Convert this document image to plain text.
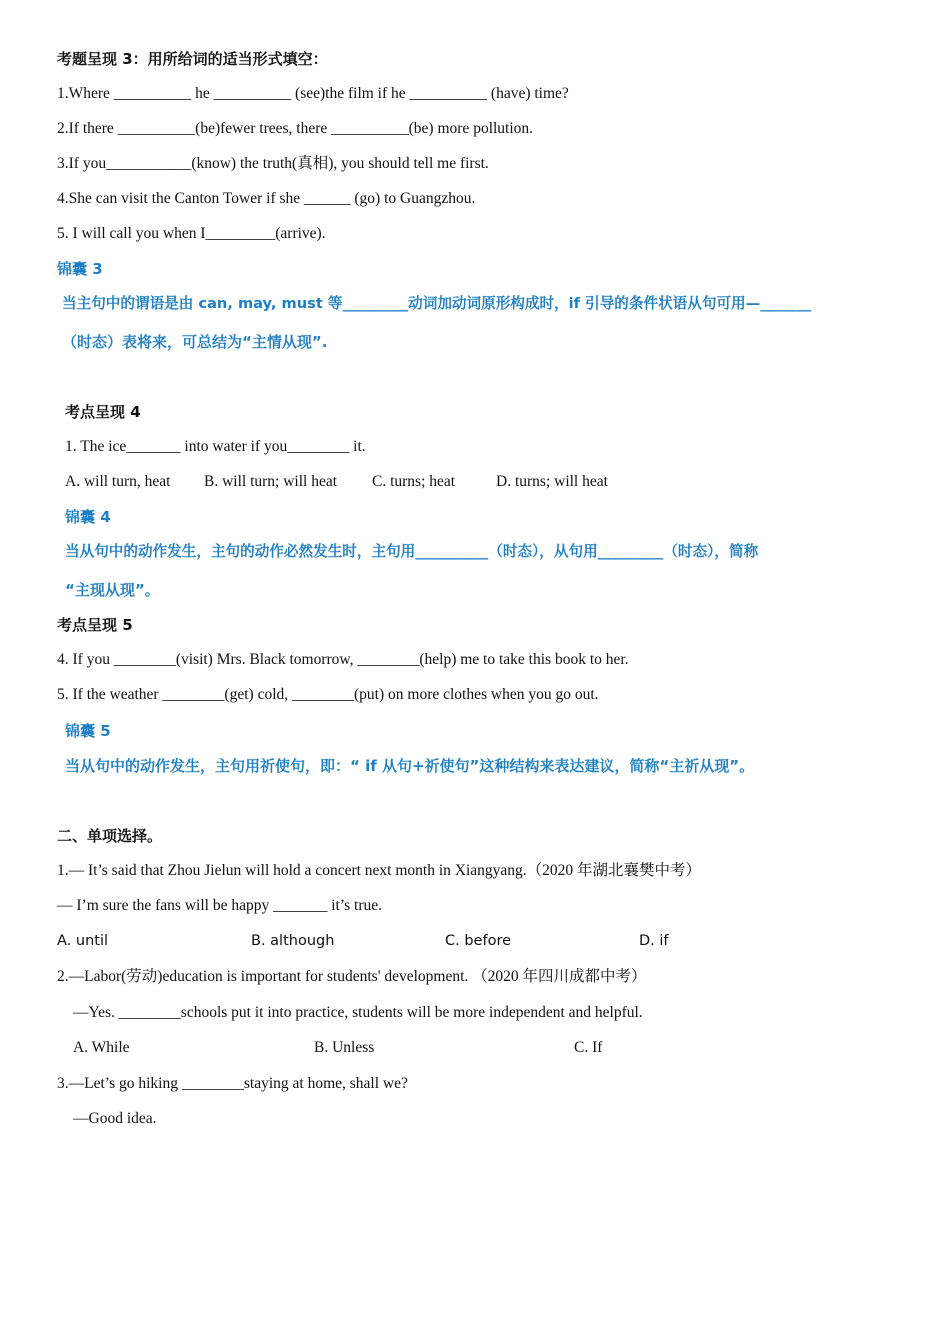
考题呈现 3：用所给词的适当形式填空：
1.Where __________ he __________ (see)the film if he __________ (have) time?
2.If there __________(be)fewer trees, there __________(be) more pollution.
3.If you___________(know) the truth(真相), you should tell me first.
4.She can visit the Canton Tower if she ______ (go) to Guangzhou.
5. I will call you when I_________(arrive).
锦囊 3
当主句中的谓语是由 can, may, must 等_________动词加动词原形构成时，if 引导的条件状语从句可用—_______
（时态）表将来，可总结为“主情从现”.
考点呈现 4
1. The ice_______ into water if you________ it.
A. will turn, heat B. will turn; will heat C. turns; heat	D. turns; will heat
锦囊 4
当从句中的动作发生，主句的动作必然发生时，主句用__________（时态），从句用_________（时态），简称
“主现从现”。
考点呈现 5
4. If you ________(visit) Mrs. Black tomorrow, ________(help) me to take this book to her.
5. If the weather ________(get) cold, ________(put) on more clothes when you go out.
锦囊 5
当从句中的动作发生，主句用祈使句，即：“ if 从句+祈使句”这种结构来表达建议，简称“主祈从现”。
二、单项选择。
1.— It’s said that Zhou Jielun will hold a concert next month in Xiangyang.（2020 年湖北襄樊中考）
— I’m sure the fans will be happy _______ it’s true.
A. until	B. although	C. before	D. if
2.—Labor(劳动)education is important for students' development. （2020 年四川成都中考）
—Yes. ________schools put it into practice, students will be more independent and helpful.
A. While	B. Unless	C. If
3.—Let’s go hiking ________staying at home, shall we?
—Good idea.
